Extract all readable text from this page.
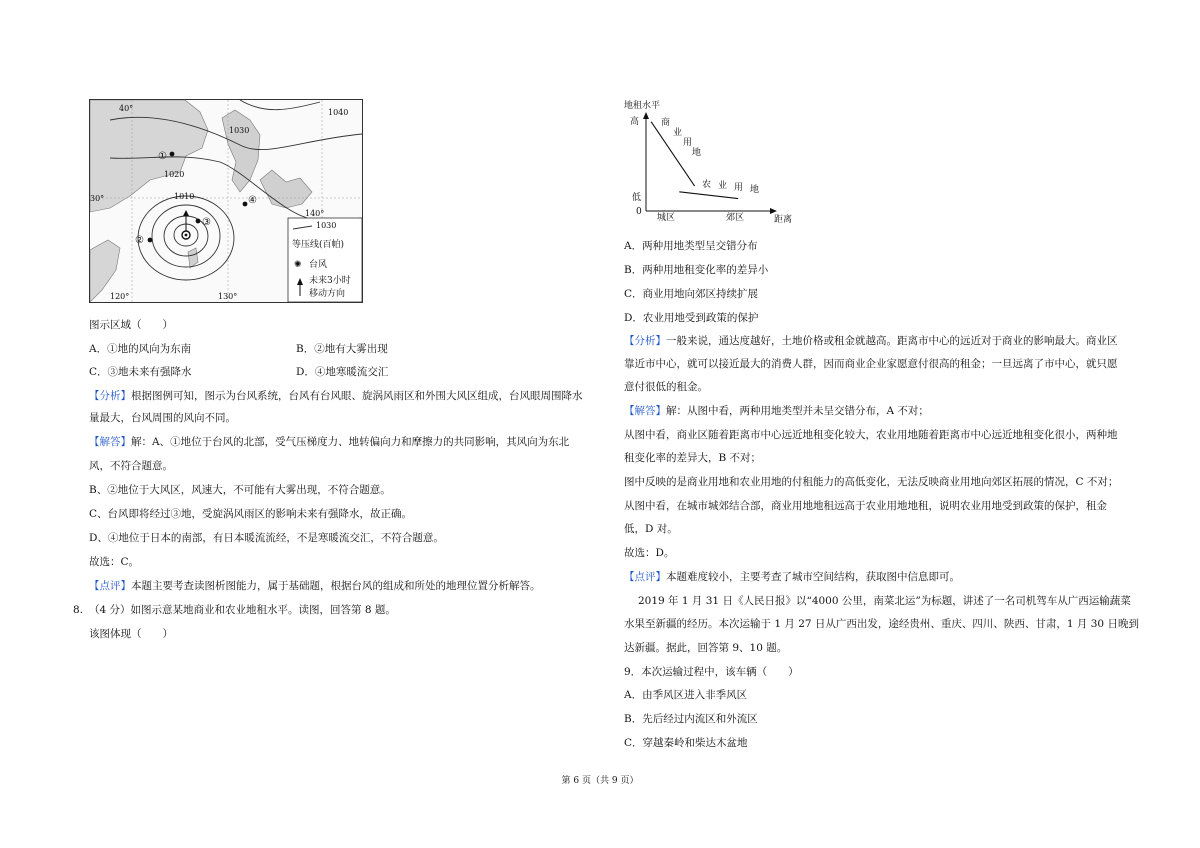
40°
30°
120°	130°
140°
1040
1030
1020
1010
①
②
③
④
1030
等压线(百帕)
✺ 台风
未来3小时
移动方向
图示区域（　　）
A．①地的风向为东南	B．②地有大雾出现
C．③地未来有强降水	D．④地寒暖流交汇
【分析】根据图例可知，图示为台风系统，台风有台风眼、旋涡风雨区和外围大风区组成，台风眼周围降水
量最大，台风周围的风向不同。
【解答】解：A、①地位于台风的北部，受气压梯度力、地转偏向力和摩擦力的共同影响，其风向为东北
风，不符合题意。
B、②地位于大风区，风速大，不可能有大雾出现，不符合题意。
C、台风即将经过③地，受旋涡风雨区的影响未来有强降水，故正确。
D、④地位于日本的南部，有日本暖流流经，不是寒暖流交汇，不符合题意。
故选：C。
【点评】本题主要考查读图析图能力，属于基础题，根据台风的组成和所处的地理位置分析解答。
8. （4 分）如图示意某地商业和农业地租水平。读图，回答第 8 题。
该图体现（　　）
地租水平
高
低
0
城区	郊区	距离
商
业
用
地
农 业 用 地
A．两种用地类型呈交错分布
B．两种用地租变化率的差异小
C．商业用地向郊区持续扩展
D．农业用地受到政策的保护
【分析】一般来说，通达度越好，土地价格或租金就越高。距离市中心的远近对于商业的影响最大。商业区
靠近市中心，就可以接近最大的消费人群，因而商业企业家愿意付很高的租金；一旦远离了市中心，就只愿
意付很低的租金。
【解答】解：从图中看，两种用地类型并未呈交错分布，A 不对；
从图中看，商业区随着距离市中心远近地租变化较大，农业用地随着距离市中心远近地租变化很小，两种地
租变化率的差异大，B 不对；
图中反映的是商业用地和农业用地的付租能力的高低变化，无法反映商业用地向郊区拓展的情况，C 不对；
从图中看，在城市城郊结合部，商业用地地租远高于农业用地地租，说明农业用地受到政策的保护，租金
低，D 对。
故选：D。
【点评】本题难度较小，主要考查了城市空间结构，获取图中信息即可。
2019 年 1 月 31 日《人民日报》以“4000 公里，南菜北运”为标题，讲述了一名司机驾车从广西运输蔬菜
水果至新疆的经历。本次运输于 1 月 27 日从广西出发，途经贵州、重庆、四川、陕西、甘肃，1 月 30 日晚到
达新疆。据此，回答第 9、10 题。
9．本次运输过程中，该车辆（　　）
A．由季风区进入非季风区
B．先后经过内流区和外流区
C．穿越秦岭和柴达木盆地
第 6 页（共 9 页）
